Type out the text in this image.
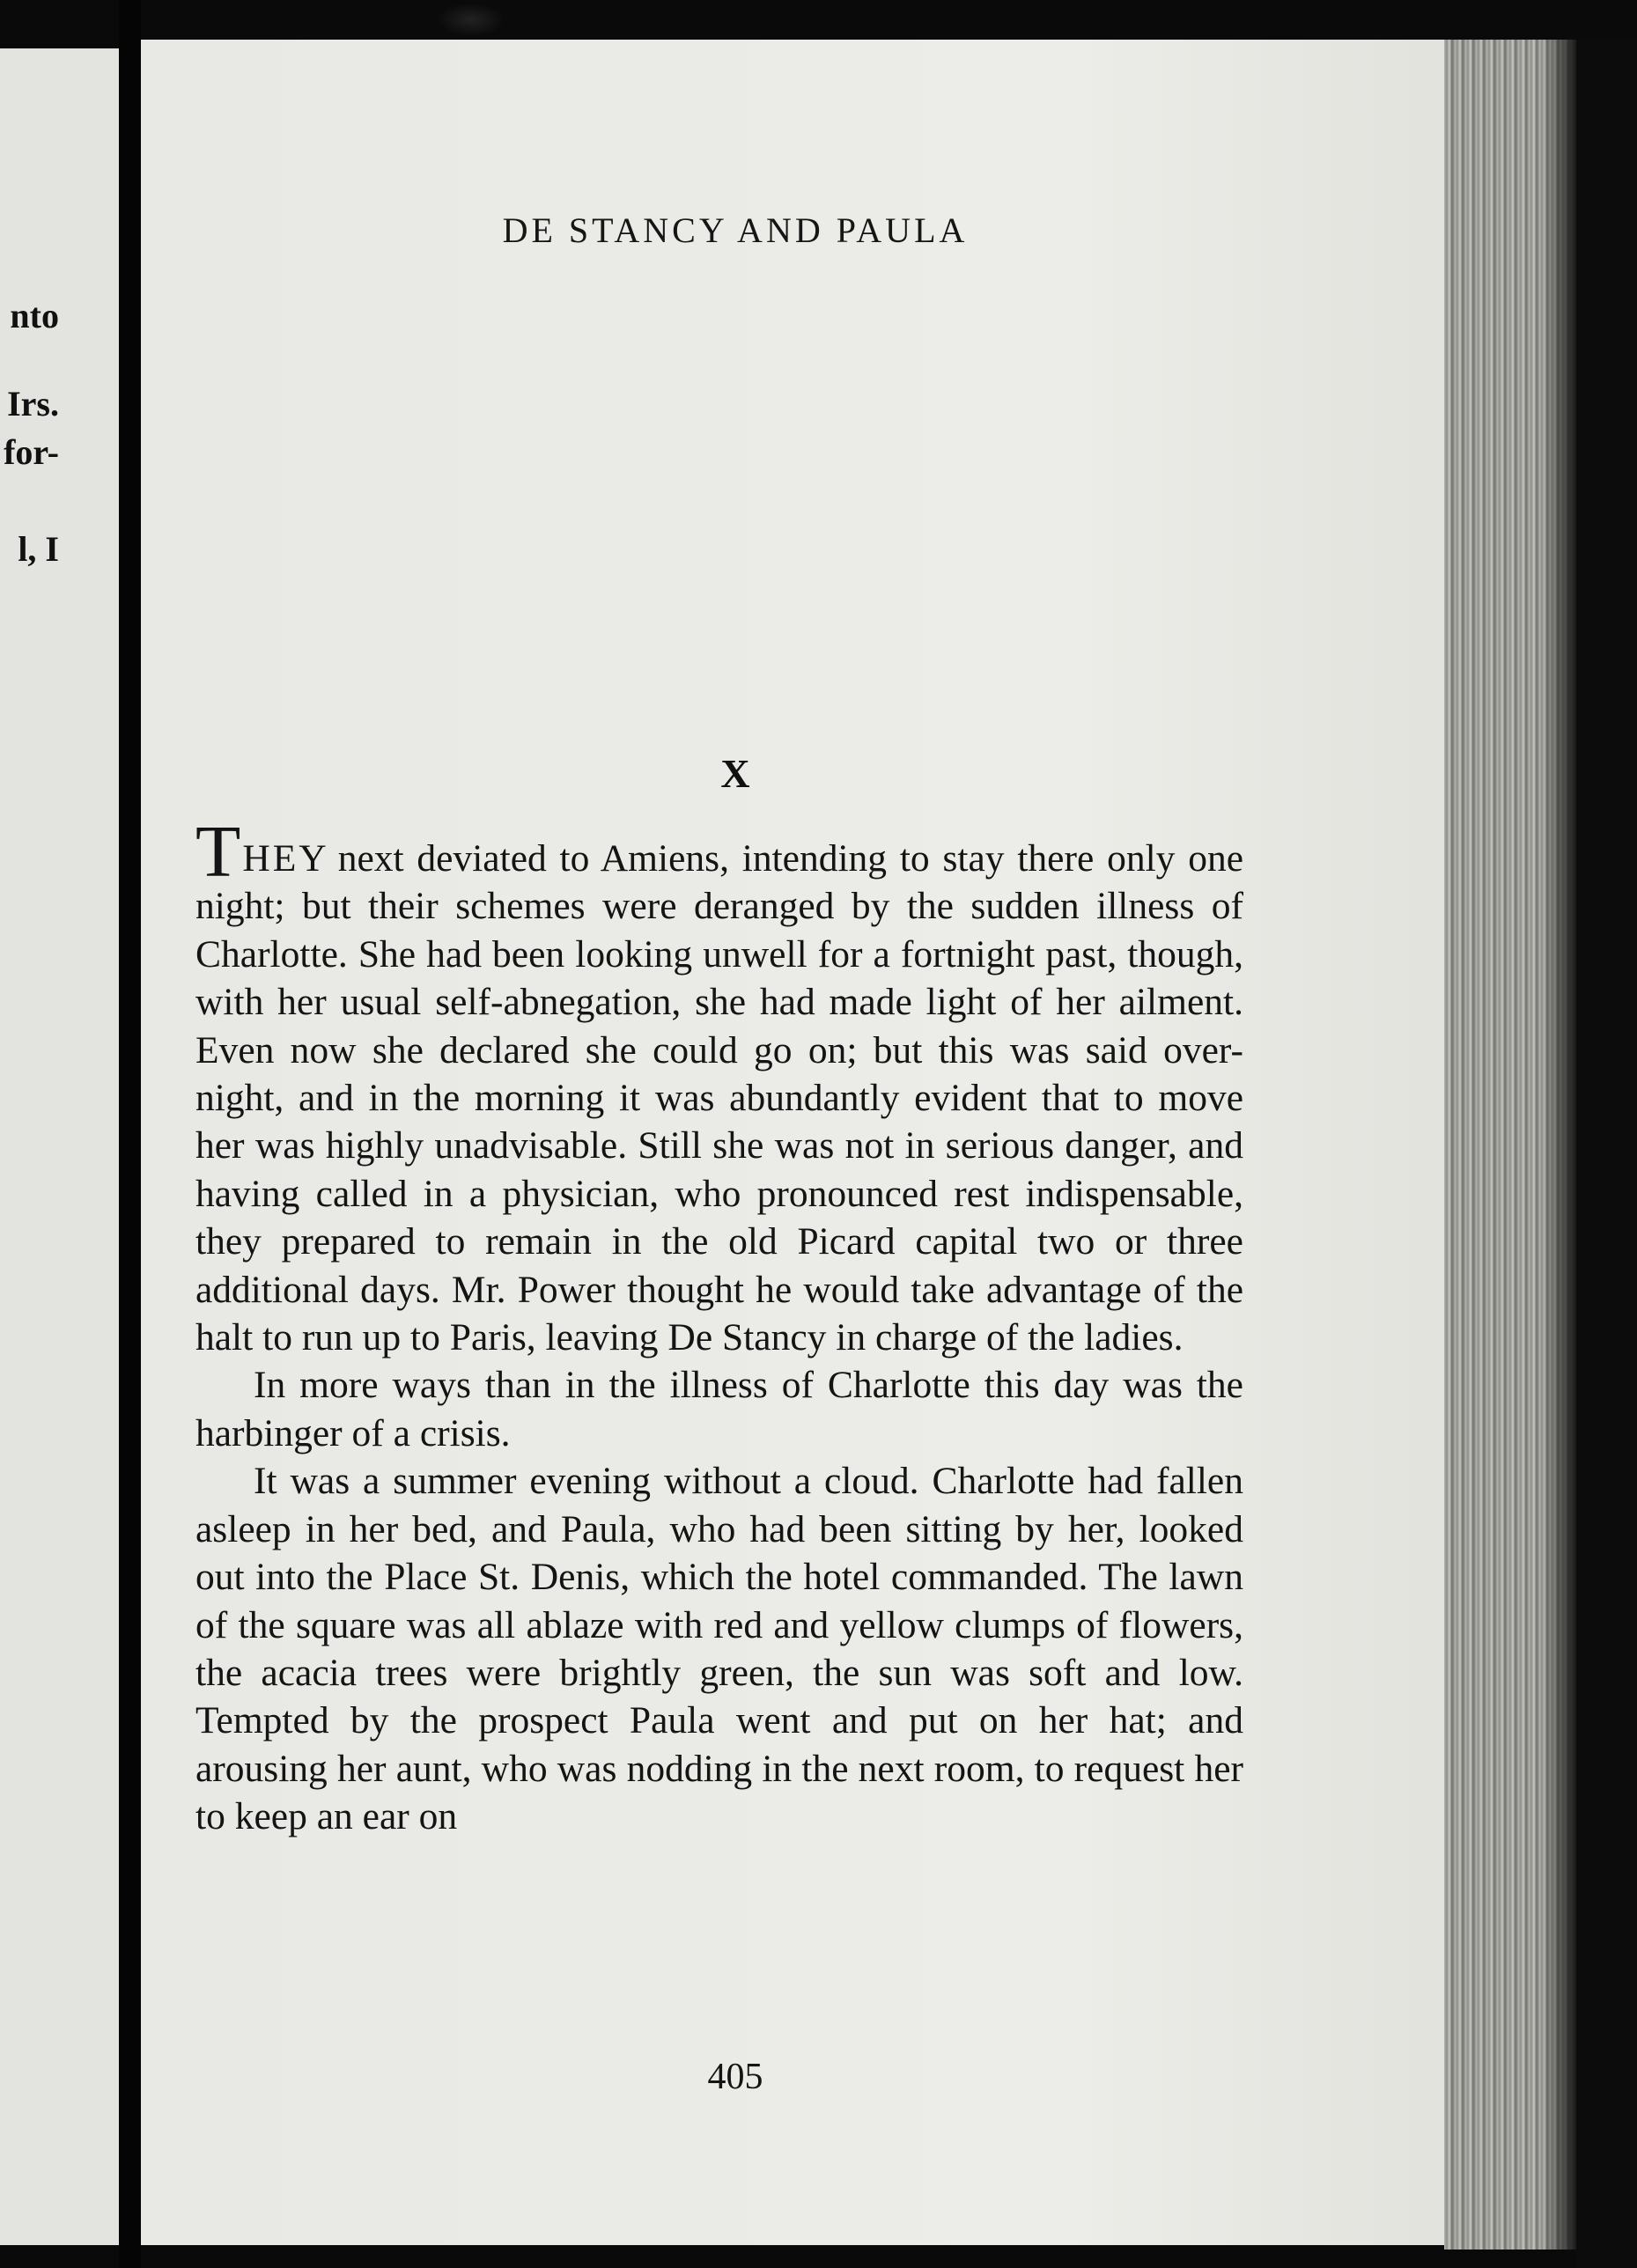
nto
Irs.
for-
l, I
DE STANCY AND PAULA
X

THEY next deviated to Amiens, intending to stay there only one night; but their schemes were deranged by the sudden illness of Charlotte. She had been looking unwell for a fortnight past, though, with her usual self-abnegation, she had made light of her ailment. Even now she declared she could go on; but this was said over-night, and in the morning it was abundantly evident that to move her was highly unadvisable. Still she was not in serious danger, and having called in a physician, who pronounced rest indispensable, they prepared to remain in the old Picard capital two or three additional days. Mr. Power thought he would take advantage of the halt to run up to Paris, leaving De Stancy in charge of the ladies.

In more ways than in the illness of Charlotte this day was the harbinger of a crisis.

It was a summer evening without a cloud. Charlotte had fallen asleep in her bed, and Paula, who had been sitting by her, looked out into the Place St. Denis, which the hotel commanded. The lawn of the square was all ablaze with red and yellow clumps of flowers, the acacia trees were brightly green, the sun was soft and low. Tempted by the prospect Paula went and put on her hat; and arousing her aunt, who was nodding in the next room, to request her to keep an ear on

405
